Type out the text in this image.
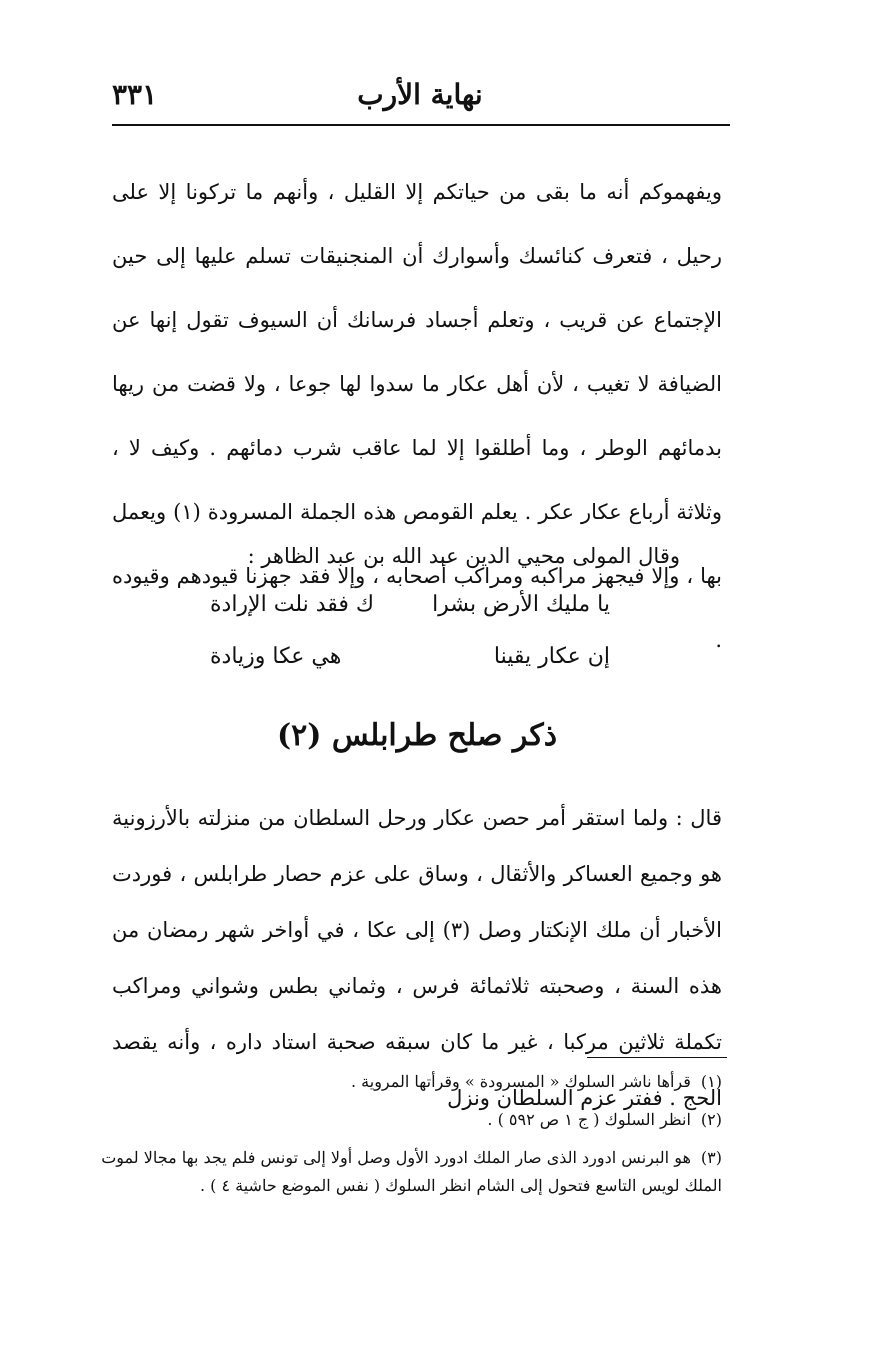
٣٣١	نهاية الأرب

ويفهموكم أنه ما بقى من حياتكم إلا القليل ، وأنهم ما تركونا إلا على رحيل ، فتعرف كنائسك وأسوارك أن المنجنيقات تسلم عليها إلى حين الإجتماع عن قريب ، وتعلم أجساد فرسانك أن السيوف تقول إنها عن الضيافة لا تغيب ، لأن أهل عكار ما سدوا لها جوعا ، ولا قضت من ريها بدمائهم الوطر ، وما أطلقوا إلا لما عاقب شرب دمائهم . وكيف لا ، وثلاثة أرباع عكار عكر . يعلم القومص هذه الجملة المسرودة (١) ويعمل بها ، وإلا فيجهز مراكبه ومراكب أصحابه ، وإلا فقد جهزنا قيودهم وقيوده .

وقال المولى محيي الدين عبد الله بن عبد الظاهر :

يا مليك الأرض بشرا
ك فقد نلت الإرادة
إن عكار يقينا
هي عكا وزيادة
ذكر صلح طرابلس (٢)

قال : ولما استقر أمر حصن عكار ورحل السلطان من منزلته بالأرزونية هو وجميع العساكر والأثقال ، وساق على عزم حصار طرابلس ، فوردت الأخبار أن ملك الإنكتار وصل (٣) إلى عكا ، في أواخر شهر رمضان من هذه السنة ، وصحبته ثلاثمائة فرس ، وثماني بطس وشواني ومراكب تكملة ثلاثين مركبا ، غير ما كان سبقه صحبة استاد داره ، وأنه يقصد الحج . ففتر عزم السلطان ونزل

(١)قرأها ناشر السلوك « المسرودة » وقرأتها المروية .
(٢)انظر السلوك ( ج ١ ص ٥٩٢ ) .
(٣)هو البرنس ادورد الذى صار الملك ادورد الأول وصل أولا إلى تونس فلم يجد بها مجالا لموت الملك لويس التاسع فتحول إلى الشام انظر السلوك ( نفس الموضع حاشية ٤ ) .
